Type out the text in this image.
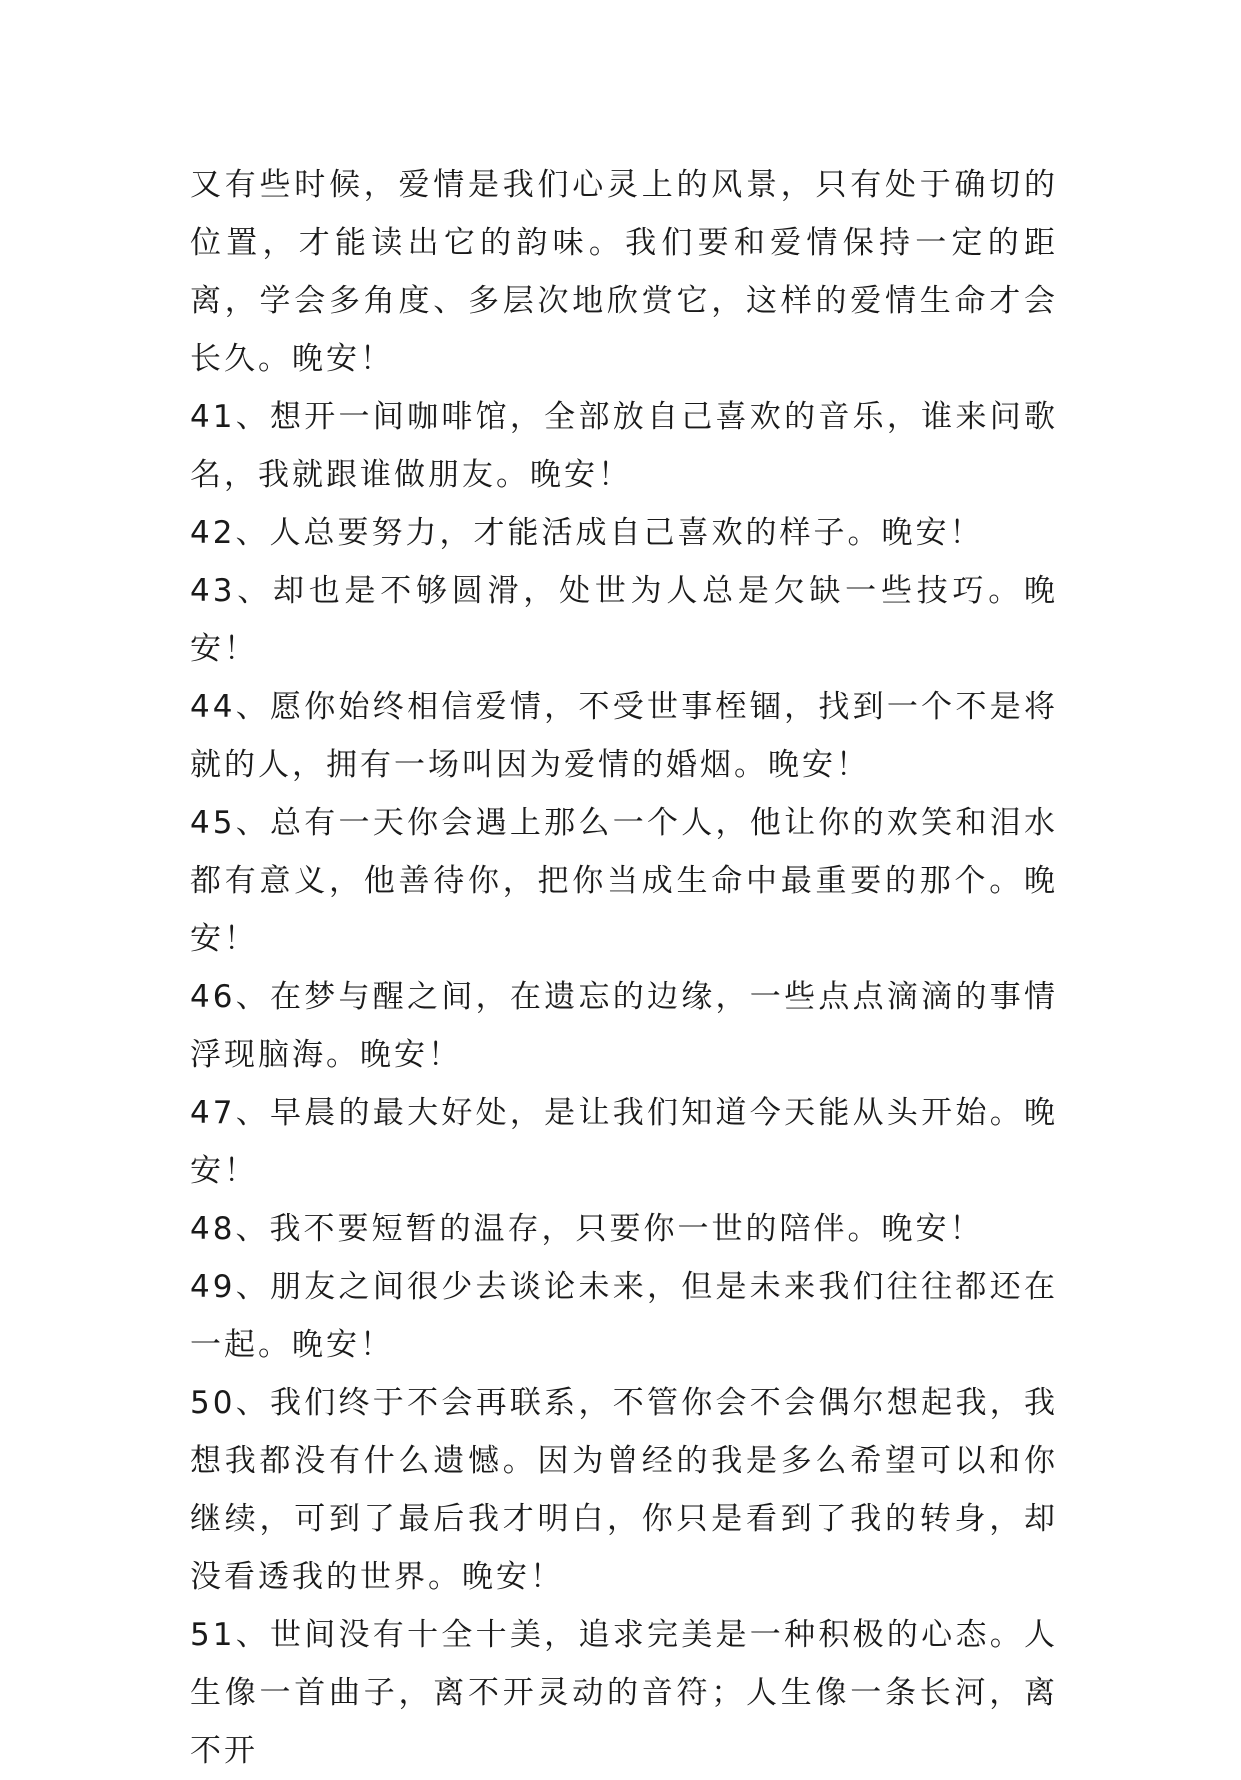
又有些时候，爱情是我们心灵上的风景，只有处于确切的位置，才能读出它的韵味。我们要和爱情保持一定的距离，学会多角度、多层次地欣赏它，这样的爱情生命才会长久。晚安！

41、想开一间咖啡馆，全部放自己喜欢的音乐，谁来问歌名，我就跟谁做朋友。晚安！

42、人总要努力，才能活成自己喜欢的样子。晚安！

43、却也是不够圆滑，处世为人总是欠缺一些技巧。晚安！

44、愿你始终相信爱情，不受世事桎锢，找到一个不是将就的人，拥有一场叫因为爱情的婚烟。晚安！

45、总有一天你会遇上那么一个人，他让你的欢笑和泪水都有意义，他善待你，把你当成生命中最重要的那个。晚安！

46、在梦与醒之间，在遗忘的边缘，一些点点滴滴的事情浮现脑海。晚安！

47、早晨的最大好处，是让我们知道今天能从头开始。晚安！

48、我不要短暂的温存，只要你一世的陪伴。晚安！

49、朋友之间很少去谈论未来，但是未来我们往往都还在一起。晚安！

50、我们终于不会再联系，不管你会不会偶尔想起我，我想我都没有什么遗憾。因为曾经的我是多么希望可以和你继续，可到了最后我才明白，你只是看到了我的转身，却没看透我的世界。晚安！

51、世间没有十全十美，追求完美是一种积极的心态。人生像一首曲子，离不开灵动的音符；人生像一条长河，离不开
